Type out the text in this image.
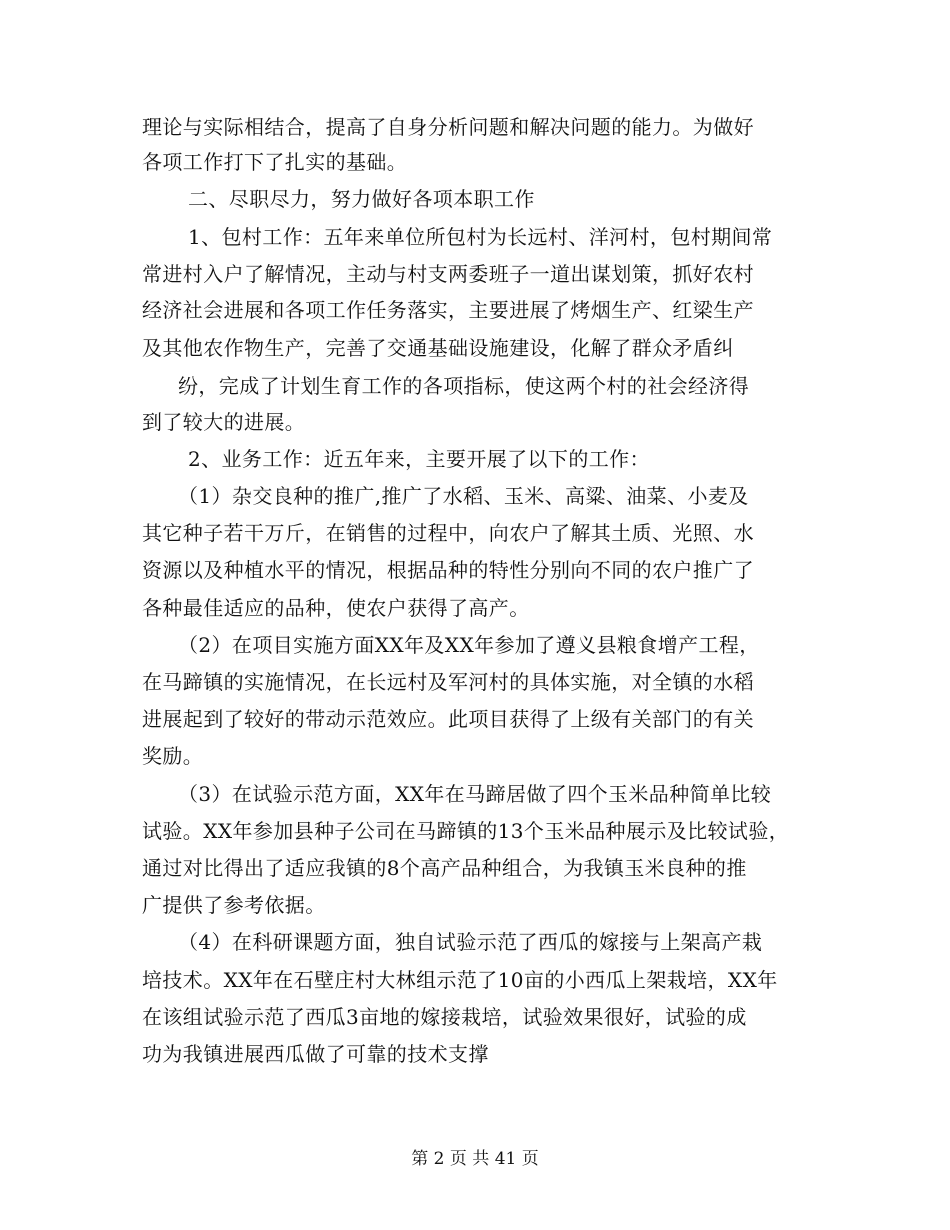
理论与实际相结合，提高了自身分析问题和解决问题的能力。为做好
各项工作打下了扎实的基础。
二、尽职尽力，努力做好各项本职工作
1、包村工作：五年来单位所包村为长远村、洋河村，包村期间常
常进村入户了解情况，主动与村支两委班子一道出谋划策，抓好农村
经济社会进展和各项工作任务落实，主要进展了烤烟生产、红梁生产
及其他农作物生产，完善了交通基础设施建设，化解了群众矛盾纠
纷，完成了计划生育工作的各项指标，使这两个村的社会经济得
到了较大的进展。
2、业务工作：近五年来，主要开展了以下的工作：
（1）杂交良种的推广,推广了水稻、玉米、高粱、油菜、小麦及
其它种子若干万斤，在销售的过程中，向农户了解其土质、光照、水
资源以及种植水平的情况，根据品种的特性分别向不同的农户推广了
各种最佳适应的品种，使农户获得了高产。
（2）在项目实施方面XX年及XX年参加了遵义县粮食增产工程，
在马蹄镇的实施情况，在长远村及军河村的具体实施，对全镇的水稻
进展起到了较好的带动示范效应。此项目获得了上级有关部门的有关
奖励。
（3）在试验示范方面，XX年在马蹄居做了四个玉米品种简单比较
试验。XX年参加县种子公司在马蹄镇的13个玉米品种展示及比较试验，
通过对比得出了适应我镇的8个高产品种组合，为我镇玉米良种的推
广提供了参考依据。
（4）在科研课题方面，独自试验示范了西瓜的嫁接与上架高产栽
培技术。XX年在石壁庄村大林组示范了10亩的小西瓜上架栽培，XX年
在该组试验示范了西瓜3亩地的嫁接栽培，试验效果很好，试验的成
功为我镇进展西瓜做了可靠的技术支撑
第 2 页 共 41 页
